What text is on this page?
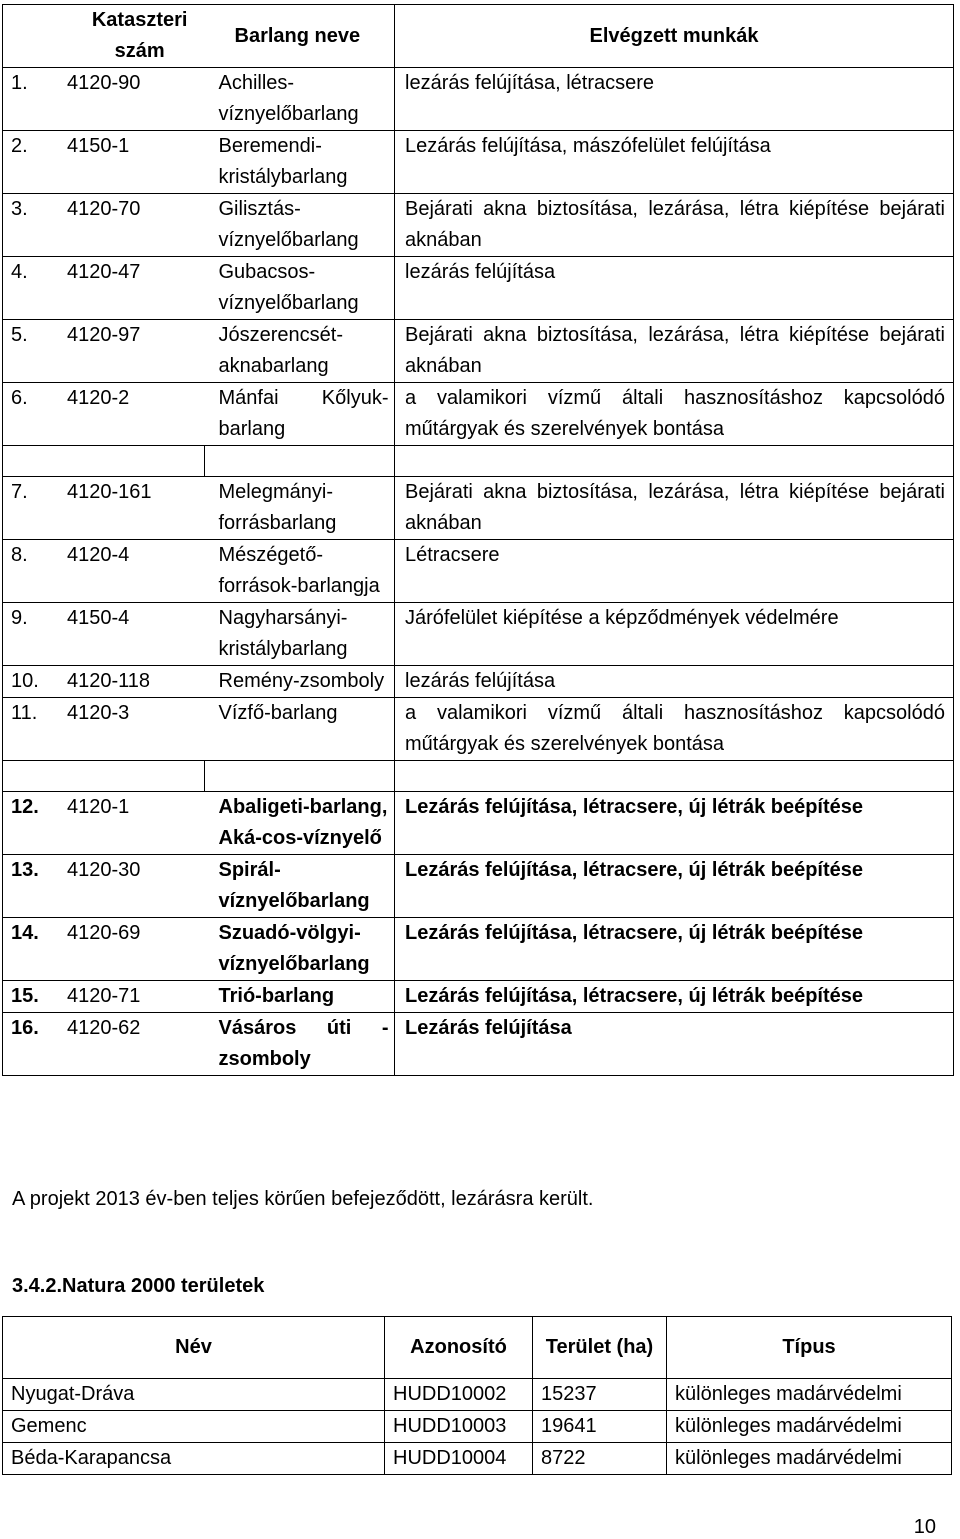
Kataszteri szám	Barlang neve	Elvégzett munkák

1. 4120-90	Achilles-víznyelőbarlang	lezárás felújítása, létracsere

2. 4150-1	Beremendi-kristálybarlang	Lezárás felújítása, mászófelület felújítása

3. 4120-70	Gilisztás-víznyelőbarlang	Bejárati akna biztosítása, lezárása, létra kiépítése bejárati aknában

4. 4120-47	Gubacsos-víznyelőbarlang	lezárás felújítása

5. 4120-97	Jószerencsét-aknabarlang	Bejárati akna biztosítása, lezárása, létra kiépítése bejárati aknában

6. 4120-2	Mánfai Kőlyuk-barlang	a valamikori vízmű általi hasznosításhoz kapcsolódó műtárgyak és szerelvények bontása

7. 4120-161	Melegmányi-forrásbarlang	Bejárati akna biztosítása, lezárása, létra kiépítése bejárati aknában

8. 4120-4	Mészégető-források-barlangja	Létracsere

9. 4150-4	Nagyharsányi-kristálybarlang	Járófelület kiépítése a képződmények védelmére

10. 4120-118	Remény-zsomboly	lezárás felújítása

11. 4120-3	Vízfő-barlang	a valamikori vízmű általi hasznosításhoz kapcsolódó műtárgyak és szerelvények bontása

12. 4120-1	Abaligeti-barlang, Aká-cos-víznyelő	Lezárás felújítása, létracsere, új létrák beépítése

13. 4120-30	Spirál-víznyelőbarlang	Lezárás felújítása, létracsere, új létrák beépítése

14. 4120-69	Szuadó-völgyi-víznyelőbarlang	Lezárás felújítása, létracsere, új létrák beépítése

15. 4120-71	Trió-barlang	Lezárás felújítása, létracsere, új létrák beépítése

16. 4120-62	Vásáros úti - zsomboly	Lezárás felújítása
A projekt 2013 év-ben teljes körűen befejeződött, lezárásra került.
3.4.2.Natura 2000 területek
Név	Azonosító	Terület (ha)	Típus
Nyugat-Dráva	HUDD10002	15237	különleges madárvédelmi
Gemenc	HUDD10003	19641	különleges madárvédelmi
Béda-Karapancsa	HUDD10004	8722	különleges madárvédelmi
10
